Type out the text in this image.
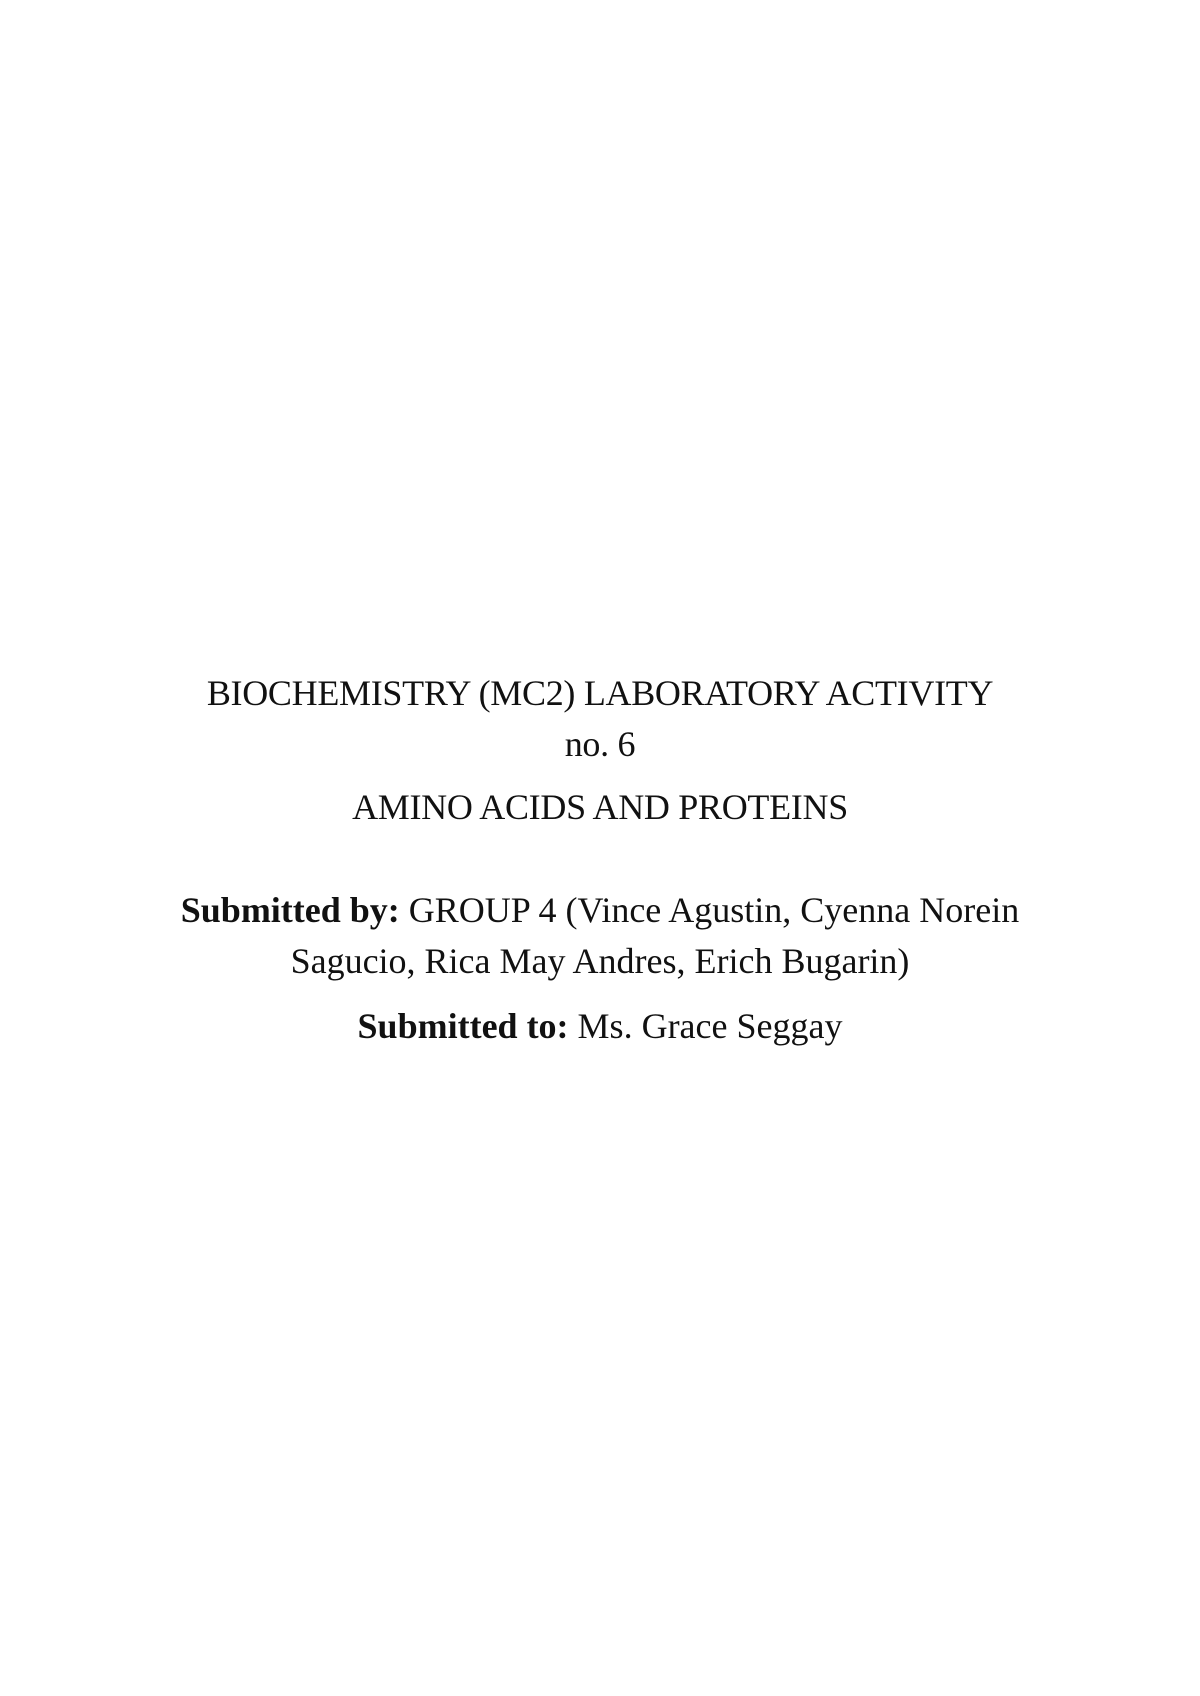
BIOCHEMISTRY (MC2) LABORATORY ACTIVITY
no. 6
AMINO ACIDS AND PROTEINS

Submitted by: GROUP 4 (Vince Agustin, Cyenna Norein Sagucio, Rica May Andres, Erich Bugarin)

Submitted to: Ms. Grace Seggay
